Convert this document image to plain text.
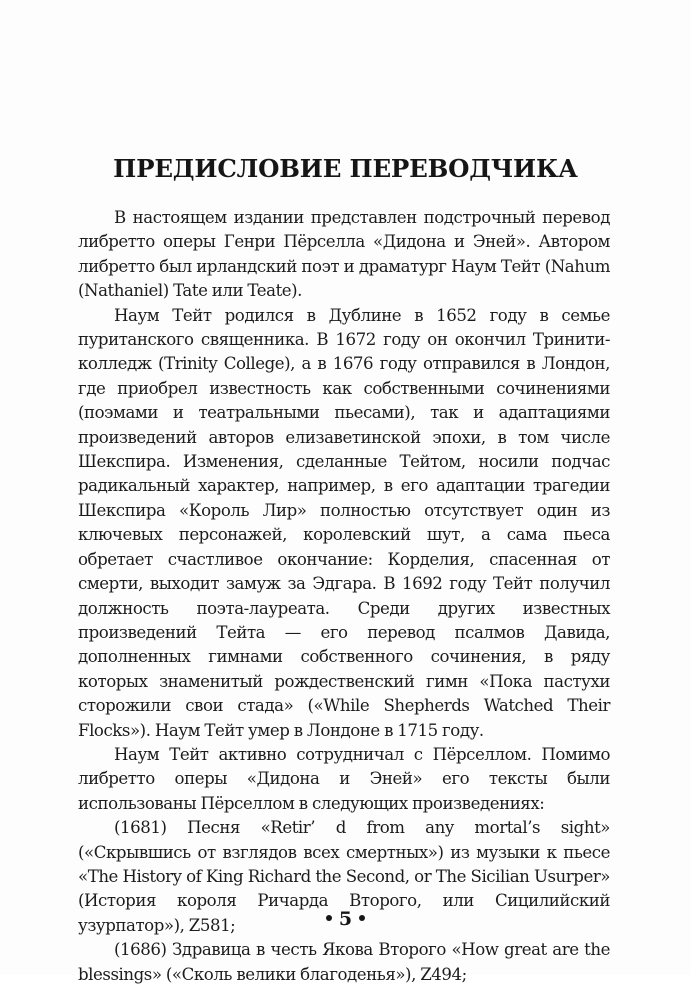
ПРЕДИСЛОВИЕ ПЕРЕВОДЧИКА

В настоящем издании представлен подстрочный перевод либретто оперы Генри Пёрселла «Дидона и Эней». Автором либретто был ирландский поэт и драматург Наум Тейт (Nahum (Nathaniel) Tate или Teate).

Наум Тейт родился в Дублине в 1652 году в семье пуританского священника. В 1672 году он окончил Тринити-колледж (Trinity College), а в 1676 году отправился в Лондон, где приобрел известность как собственными сочинениями (поэмами и театральными пьесами), так и адаптациями произведений авторов елизаветинской эпохи, в том числе Шекспира. Изменения, сделанные Тейтом, носили подчас радикальный характер, например, в его адаптации трагедии Шекспира «Король Лир» полностью отсутствует один из ключевых персонажей, королевский шут, а сама пьеса обретает счастливое окончание: Корделия, спасенная от смерти, выходит замуж за Эдгара. В 1692 году Тейт получил должность поэта-лауреата. Среди других известных произведений Тейта — его перевод псалмов Давида, дополненных гимнами собственного сочинения, в ряду которых знаменитый рождественский гимн «Пока пастухи сторожили свои стада» («While Shepherds Watched Their Flocks»). Наум Тейт умер в Лондоне в 1715 году.

Наум Тейт активно сотрудничал с Пёрселлом. Помимо либретто оперы «Дидона и Эней» его тексты были использованы Пёрселлом в следующих произведениях:

(1681) Песня «Retir’ d from any mortal’s sight» («Скрывшись от взглядов всех смертных») из музыки к пьесе «The History of King Richard the Second, or The Sicilian Usurper» (История короля Ричарда Второго, или Сицилийский узурпатор»), Z581;

(1686) Здравица в честь Якова Второго «How great are the blessings» («Сколь велики благоденья»), Z494;

5
